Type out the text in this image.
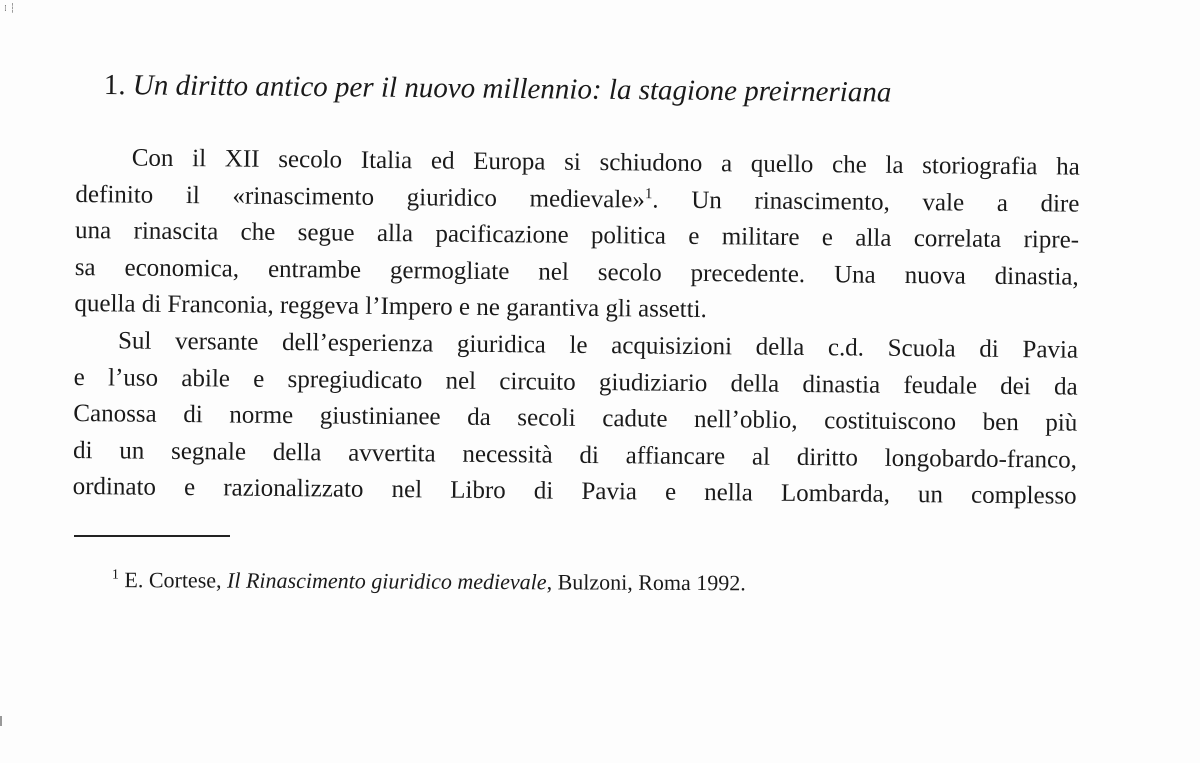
⁞ ┆
1. Un diritto antico per il nuovo millennio: la stagione preirneriana
Con il XII secolo Italia ed Europa si schiudono a quello che la storiografia ha
definito il «rinascimento giuridico medievale»$^1$. Un rinascimento, vale a dire
una rinascita che segue alla pacificazione politica e militare e alla correlata ripre-
sa economica, entrambe germogliate nel secolo precedente. Una nuova dinastia,
quella di Franconia, reggeva l’Impero e ne garantiva gli assetti.
Sul versante dell’esperienza giuridica le acquisizioni della c.d. Scuola di Pavia
e l’uso abile e spregiudicato nel circuito giudiziario della dinastia feudale dei da
Canossa di norme giustinianee da secoli cadute nell’oblio, costituiscono ben più
di un segnale della avvertita necessità di affiancare al diritto longobardo-franco,
ordinato e razionalizzato nel Libro di Pavia e nella Lombarda, un complesso
$^1$ E. Cortese, Il Rinascimento giuridico medievale, Bulzoni, Roma 1992.
